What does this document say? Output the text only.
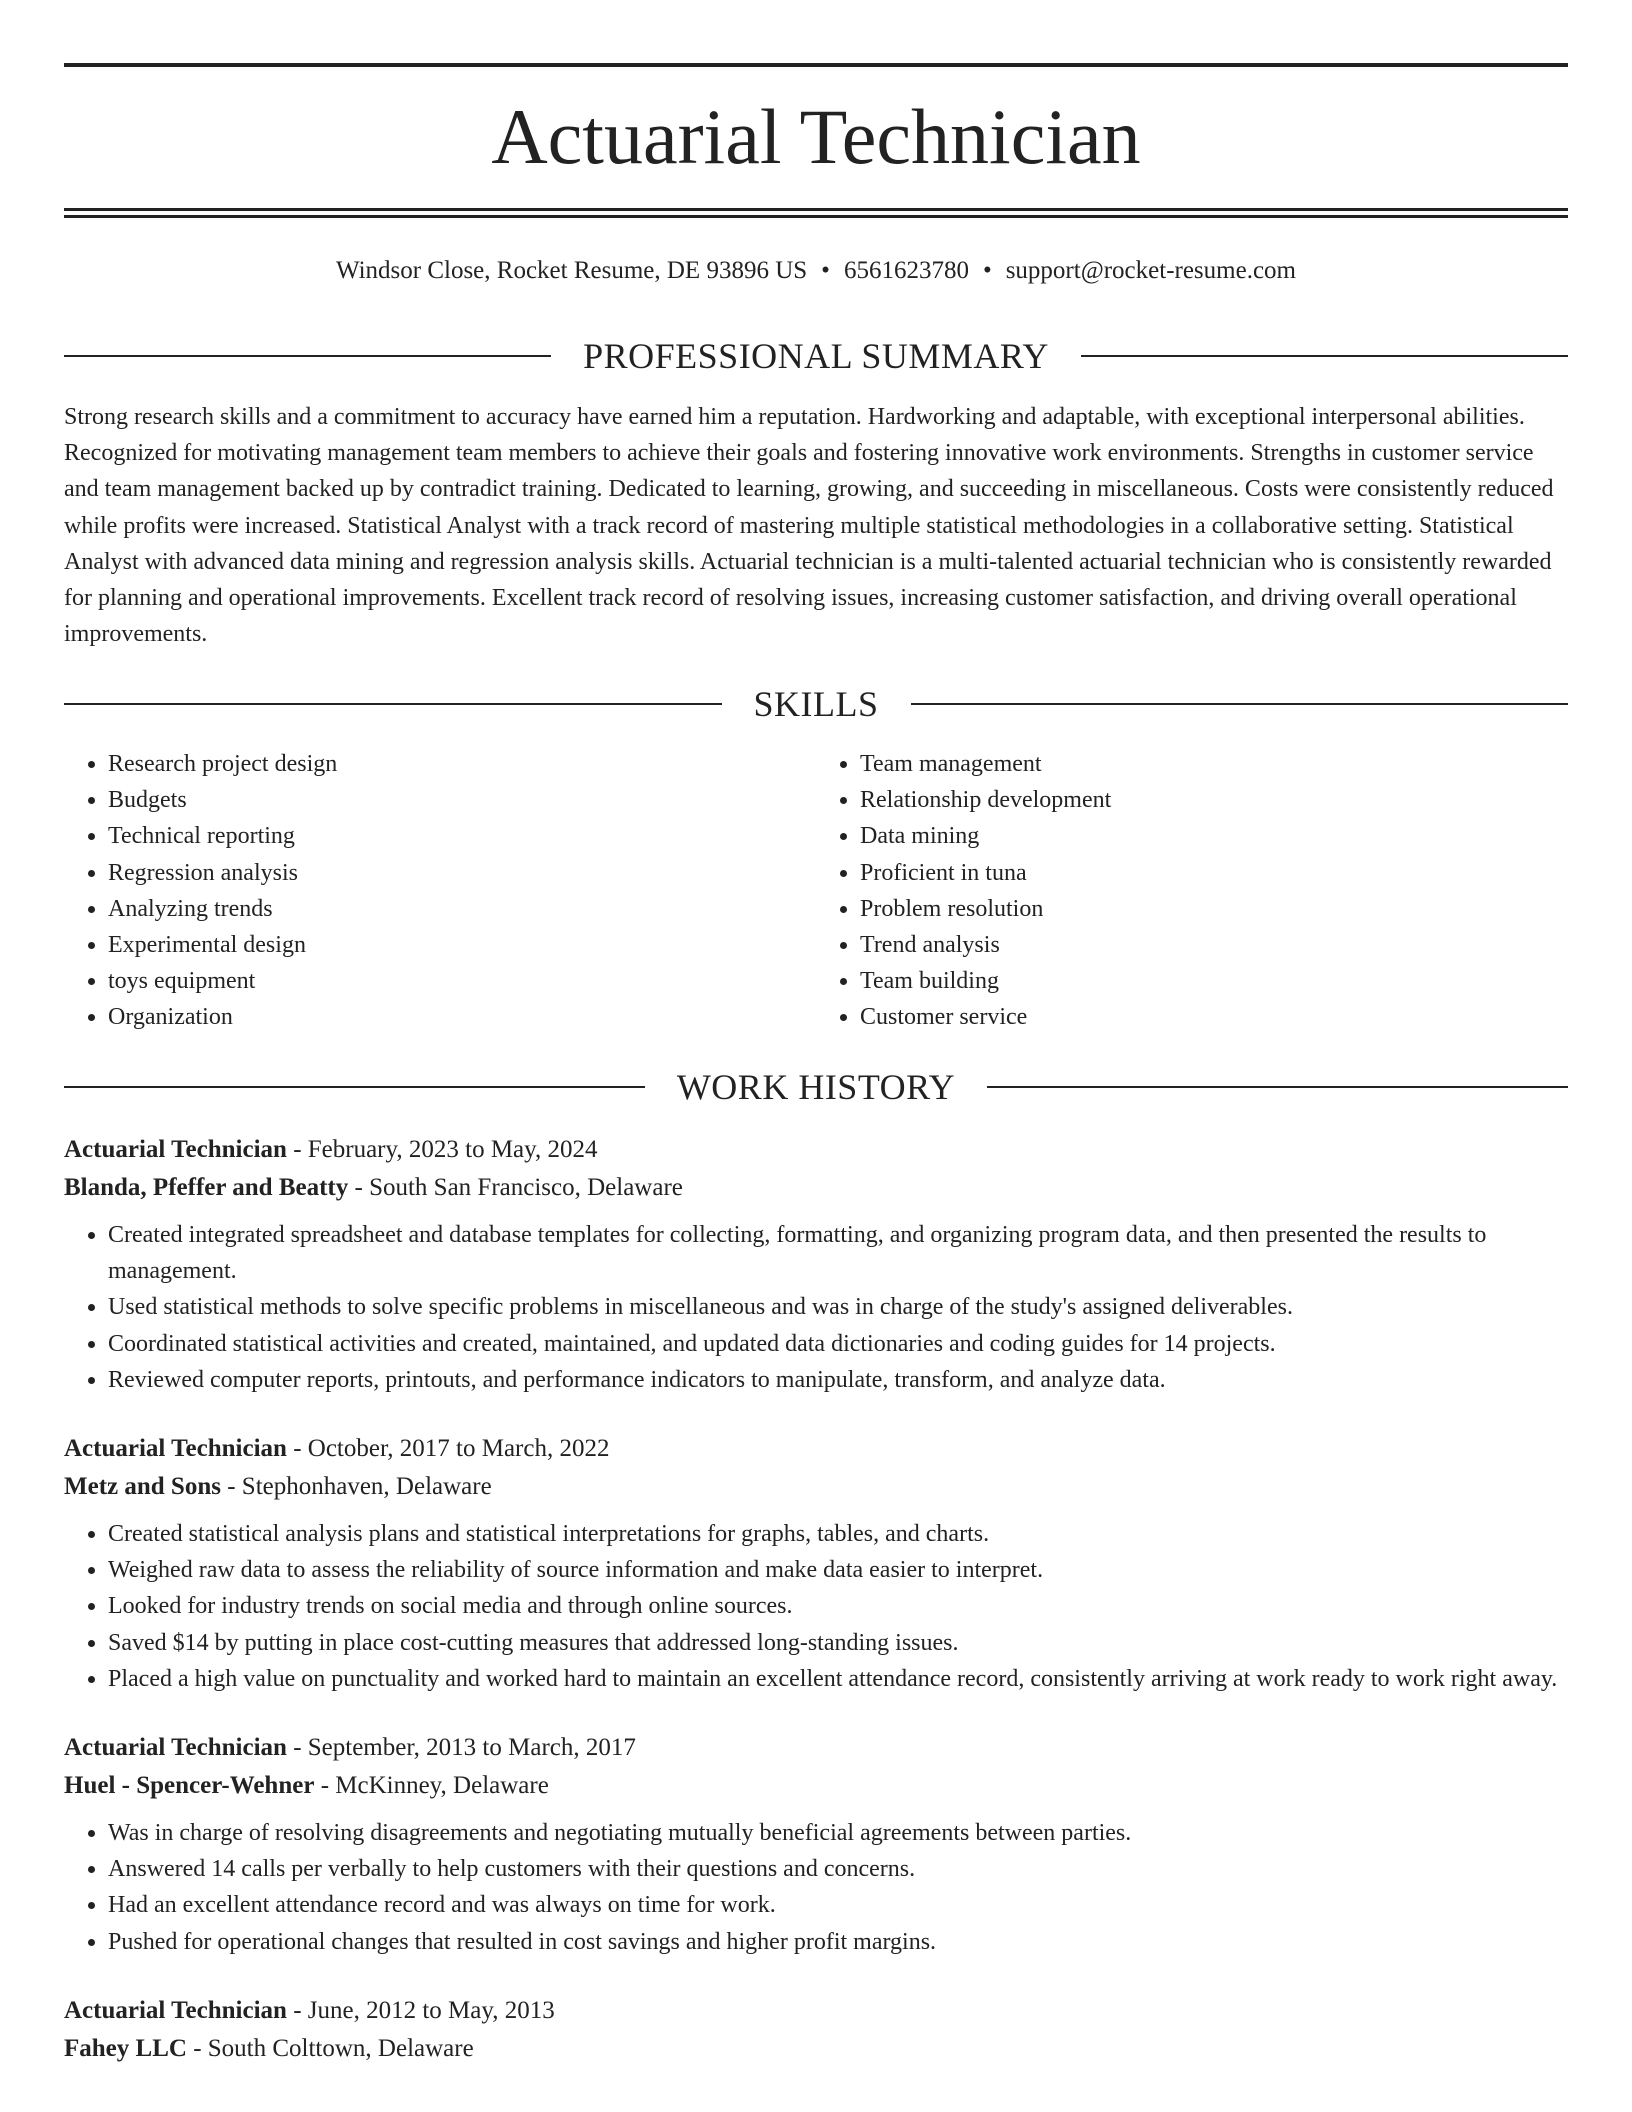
Actuarial Technician
Windsor Close, Rocket Resume, DE 93896 US • 6561623780 • support@rocket-resume.com
PROFESSIONAL SUMMARY
Strong research skills and a commitment to accuracy have earned him a reputation. Hardworking and adaptable, with exceptional interpersonal abilities. Recognized for motivating management team members to achieve their goals and fostering innovative work environments. Strengths in customer service and team management backed up by contradict training. Dedicated to learning, growing, and succeeding in miscellaneous. Costs were consistently reduced while profits were increased. Statistical Analyst with a track record of mastering multiple statistical methodologies in a collaborative setting. Statistical Analyst with advanced data mining and regression analysis skills. Actuarial technician is a multi-talented actuarial technician who is consistently rewarded for planning and operational improvements. Excellent track record of resolving issues, increasing customer satisfaction, and driving overall operational improvements.
SKILLS
• Research project design
• Budgets
• Technical reporting
• Regression analysis
• Analyzing trends
• Experimental design
• toys equipment
• Organization
• Team management
• Relationship development
• Data mining
• Proficient in tuna
• Problem resolution
• Trend analysis
• Team building
• Customer service
WORK HISTORY
Actuarial Technician - February, 2023 to May, 2024
Blanda, Pfeffer and Beatty - South San Francisco, Delaware
• Created integrated spreadsheet and database templates for collecting, formatting, and organizing program data, and then presented the results to management.
• Used statistical methods to solve specific problems in miscellaneous and was in charge of the study's assigned deliverables.
• Coordinated statistical activities and created, maintained, and updated data dictionaries and coding guides for 14 projects.
• Reviewed computer reports, printouts, and performance indicators to manipulate, transform, and analyze data.
Actuarial Technician - October, 2017 to March, 2022
Metz and Sons - Stephonhaven, Delaware
• Created statistical analysis plans and statistical interpretations for graphs, tables, and charts.
• Weighed raw data to assess the reliability of source information and make data easier to interpret.
• Looked for industry trends on social media and through online sources.
• Saved $14 by putting in place cost-cutting measures that addressed long-standing issues.
• Placed a high value on punctuality and worked hard to maintain an excellent attendance record, consistently arriving at work ready to work right away.
Actuarial Technician - September, 2013 to March, 2017
Huel - Spencer-Wehner - McKinney, Delaware
• Was in charge of resolving disagreements and negotiating mutually beneficial agreements between parties.
• Answered 14 calls per verbally to help customers with their questions and concerns.
• Had an excellent attendance record and was always on time for work.
• Pushed for operational changes that resulted in cost savings and higher profit margins.
Actuarial Technician - June, 2012 to May, 2013
Fahey LLC - South Colttown, Delaware
